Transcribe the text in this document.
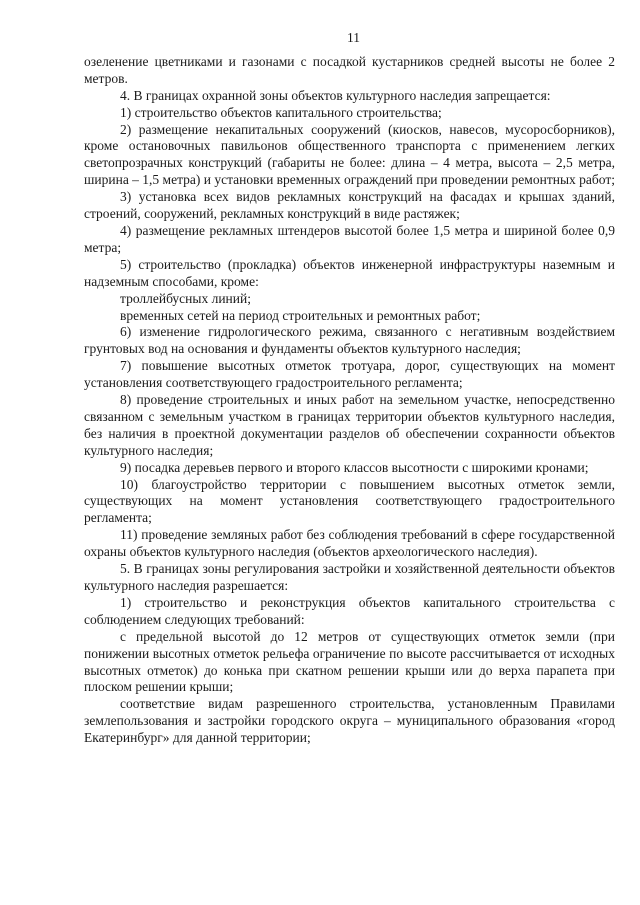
11

озеленение цветниками и газонами с посадкой кустарников средней высоты не более 2 метров.

4. В границах охранной зоны объектов культурного наследия запрещается:

1) строительство объектов капитального строительства;

2) размещение некапитальных сооружений (киосков, навесов, мусоросборников), кроме остановочных павильонов общественного транспорта с применением легких светопрозрачных конструкций (габариты не более: длина – 4 метра, высота – 2,5 метра, ширина – 1,5 метра) и установки временных ограждений при проведении ремонтных работ;

3) установка всех видов рекламных конструкций на фасадах и крышах зданий, строений, сооружений, рекламных конструкций в виде растяжек;

4) размещение рекламных штендеров высотой более 1,5 метра и шириной более 0,9 метра;

5) строительство (прокладка) объектов инженерной инфраструктуры наземным и надземным способами, кроме:

троллейбусных линий;

временных сетей на период строительных и ремонтных работ;

6) изменение гидрологического режима, связанного с негативным воздействием грунтовых вод на основания и фундаменты объектов культурного наследия;

7) повышение высотных отметок тротуара, дорог, существующих на момент установления соответствующего градостроительного регламента;

8) проведение строительных и иных работ на земельном участке, непосредственно связанном с земельным участком в границах территории объектов культурного наследия, без наличия в проектной документации разделов об обеспечении сохранности объектов культурного наследия;

9) посадка деревьев первого и второго классов высотности с широкими кронами;

10) благоустройство территории с повышением высотных отметок земли, существующих на момент установления соответствующего градостроительного регламента;

11) проведение земляных работ без соблюдения требований в сфере государственной охраны объектов культурного наследия (объектов археологического наследия).

5. В границах зоны регулирования застройки и хозяйственной деятельности объектов культурного наследия разрешается:

1) строительство и реконструкция объектов капитального строительства с соблюдением следующих требований:

с предельной высотой до 12 метров от существующих отметок земли (при понижении высотных отметок рельефа ограничение по высоте рассчитывается от исходных высотных отметок) до конька при скатном решении крыши или до верха парапета при плоском решении крыши;

соответствие видам разрешенного строительства, установленным Правилами землепользования и застройки городского округа – муниципального образования «город Екатеринбург» для данной территории;
